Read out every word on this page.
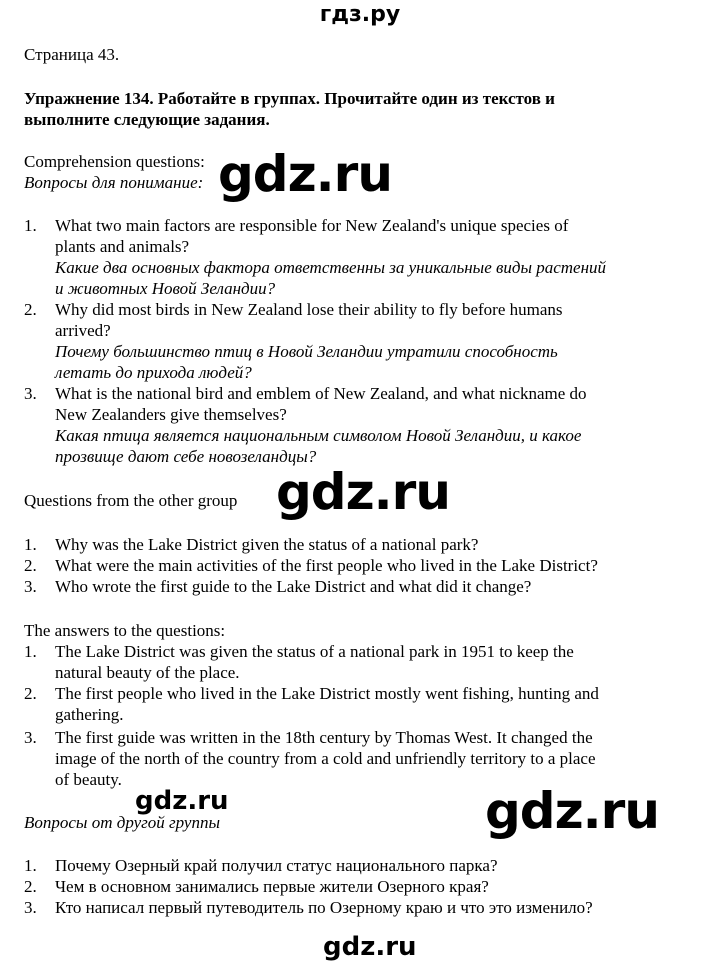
гдз.ру
Страница 43.
Упражнение 134. Работайте в группах. Прочитайте один из текстов и
выполните следующие задания.
Comprehension questions:
Вопросы для понимание:
1. What two main factors are responsible for New Zealand's unique species of
plants and animals?
Какие два основных фактора ответственны за уникальные виды растений
и животных Новой Зеландии?
2. Why did most birds in New Zealand lose their ability to fly before humans
arrived?
Почему большинство птиц в Новой Зеландии утратили способность
летать до прихода людей?
3. What is the national bird and emblem of New Zealand, and what nickname do
New Zealanders give themselves?
Какая птица является национальным символом Новой Зеландии, и какое
прозвище дают себе новозеландцы?
Questions from the other group
1. Why was the Lake District given the status of a national park?
2. What were the main activities of the first people who lived in the Lake District?
3. Who wrote the first guide to the Lake District and what did it change?
The answers to the questions:
1. The Lake District was given the status of a national park in 1951 to keep the
natural beauty of the place.
2. The first people who lived in the Lake District mostly went fishing, hunting and
gathering.
3. The first guide was written in the 18th century by Thomas West. It changed the
image of the north of the country from a cold and unfriendly territory to a place
of beauty.
Вопросы от другой группы
1. Почему Озерный край получил статус национального парка?
2. Чем в основном занимались первые жители Озерного края?
3. Кто написал первый путеводитель по Озерному краю и что это изменило?
gdz.ru
gdz.ru
gdz.ru	gdz.ru
gdz.ru
